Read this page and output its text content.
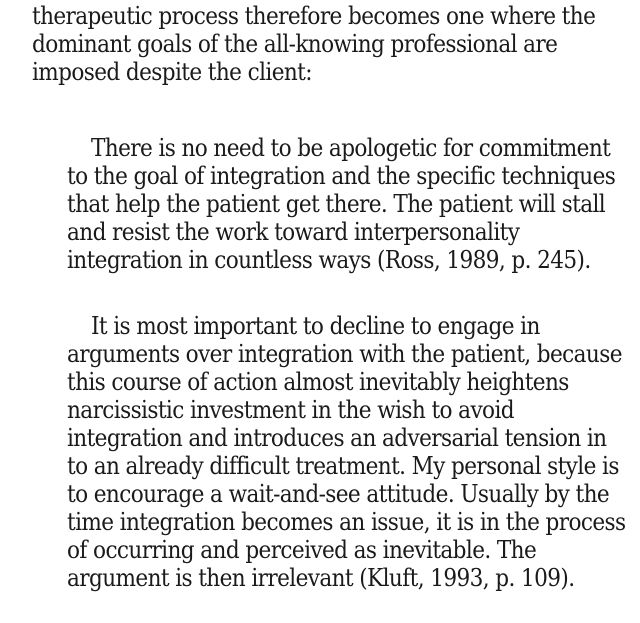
therapeutic process therefore becomes one where the
dominant goals of the all-knowing professional are
imposed despite the client:
There is no need to be apologetic for commitment
to the goal of integration and the specific techniques
that help the patient get there. The patient will stall
and resist the work toward interpersonality
integration in countless ways (Ross, 1989, p. 245).
It is most important to decline to engage in
arguments over integration with the patient, because
this course of action almost inevitably heightens
narcissistic investment in the wish to avoid
integration and introduces an adversarial tension in
to an already difficult treatment. My personal style is
to encourage a wait-and-see attitude. Usually by the
time integration becomes an issue, it is in the process
of occurring and perceived as inevitable. The
argument is then irrelevant (Kluft, 1993, p. 109).
